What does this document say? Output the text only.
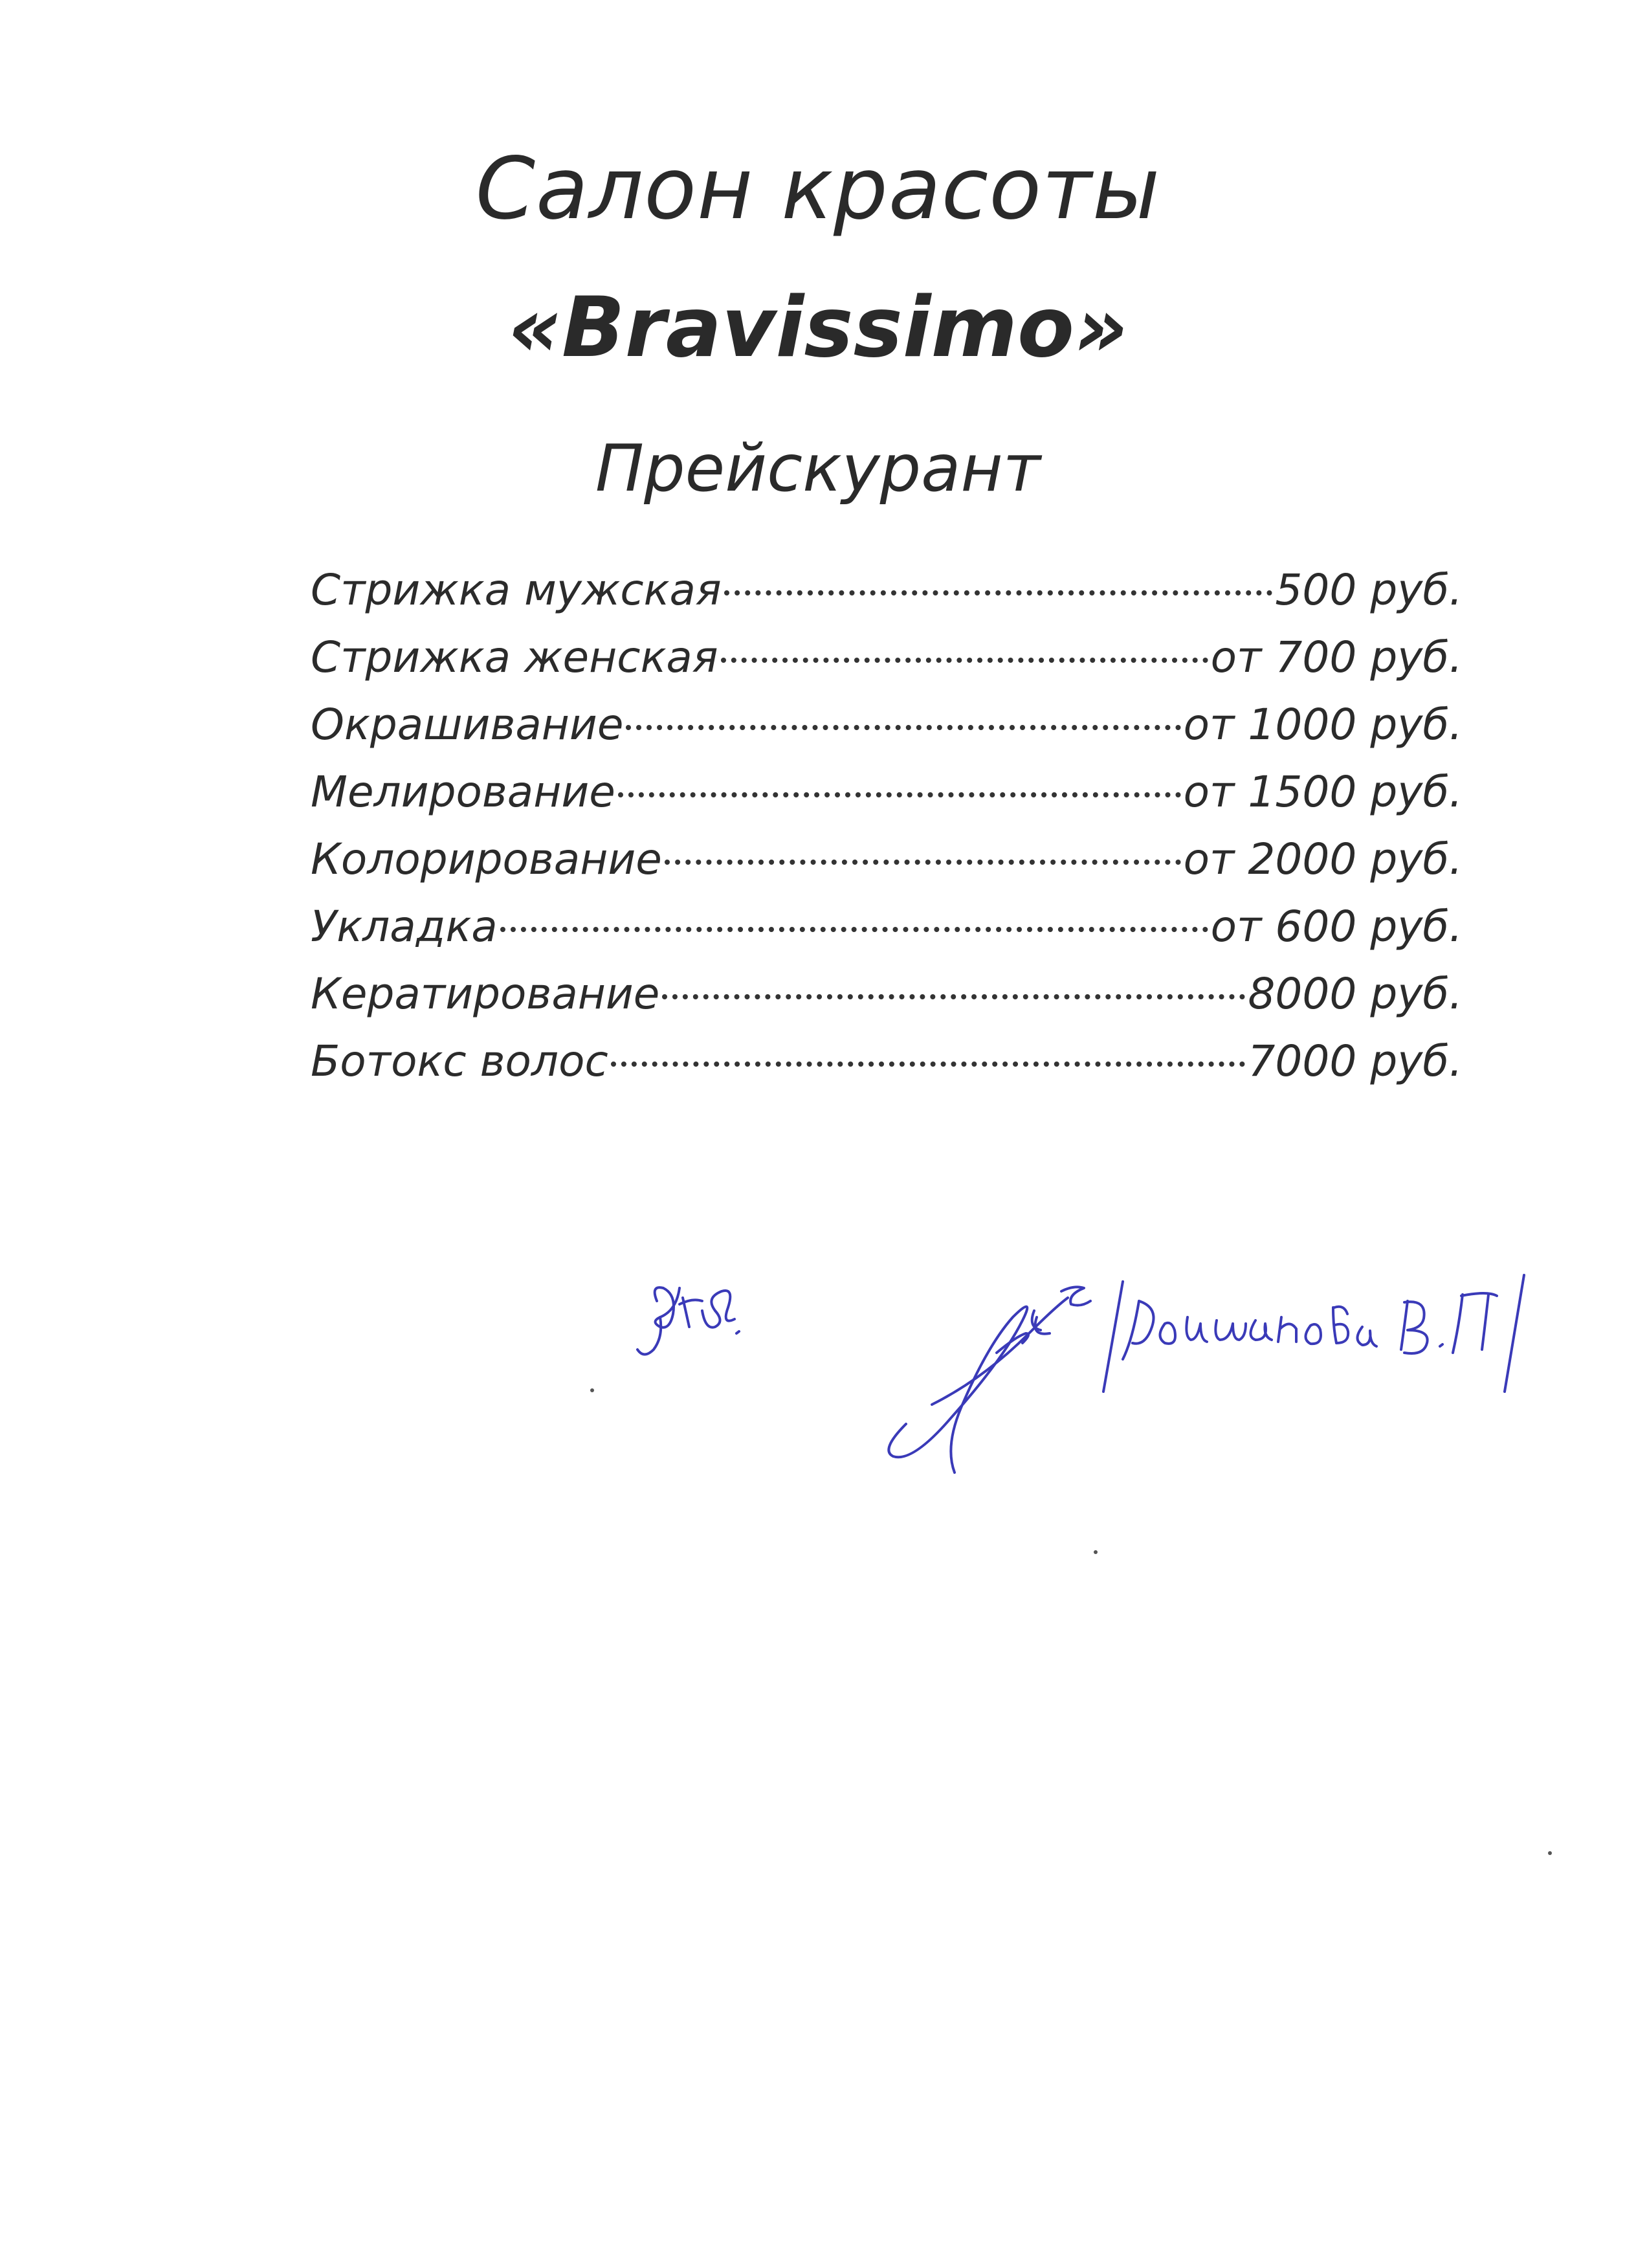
Салон красоты
«Bravissimo»
Прейскурант
Стрижка мужская	500 руб.
Стрижка женская	от 700 руб.
Окрашивание	от 1000 руб.
Мелирование	от 1500 руб.
Колорирование	от 2000 руб.
Укладка	от 600 руб.
Кератирование	8000 руб.
Ботокс волос	7000 руб.
